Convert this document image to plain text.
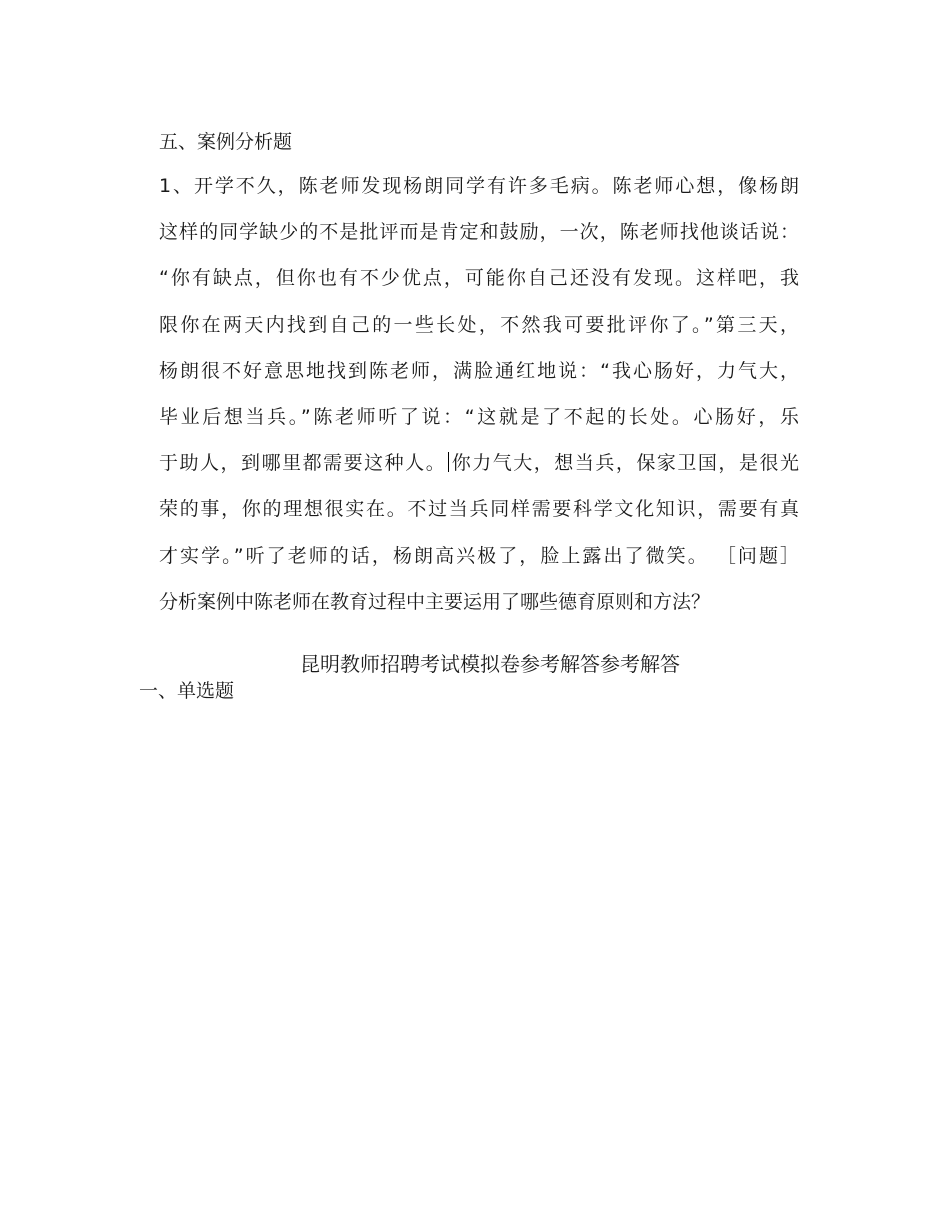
五、案例分析题
1、开学不久，陈老师发现杨朗同学有许多毛病。陈老师心想，像杨朗
这样的同学缺少的不是批评而是肯定和鼓励，一次，陈老师找他谈话说：
“你有缺点，但你也有不少优点，可能你自己还没有发现。这样吧，我
限你在两天内找到自己的一些长处，不然我可要批评你了。”第三天，
杨朗很不好意思地找到陈老师，满脸通红地说：“我心肠好，力气大，
毕业后想当兵。”陈老师听了说：“这就是了不起的长处。心肠好，乐
于助人，到哪里都需要这种人。 你力气大，想当兵，保家卫国，是很光
荣的事，你的理想很实在。不过当兵同样需要科学文化知识，需要有真
才实学。”听了老师的话，杨朗高兴极了，脸上露出了微笑。 ［问题］
分析案例中陈老师在教育过程中主要运用了哪些德育原则和方法？
昆明教师招聘考试模拟卷参考解答参考解答
一、单选题
